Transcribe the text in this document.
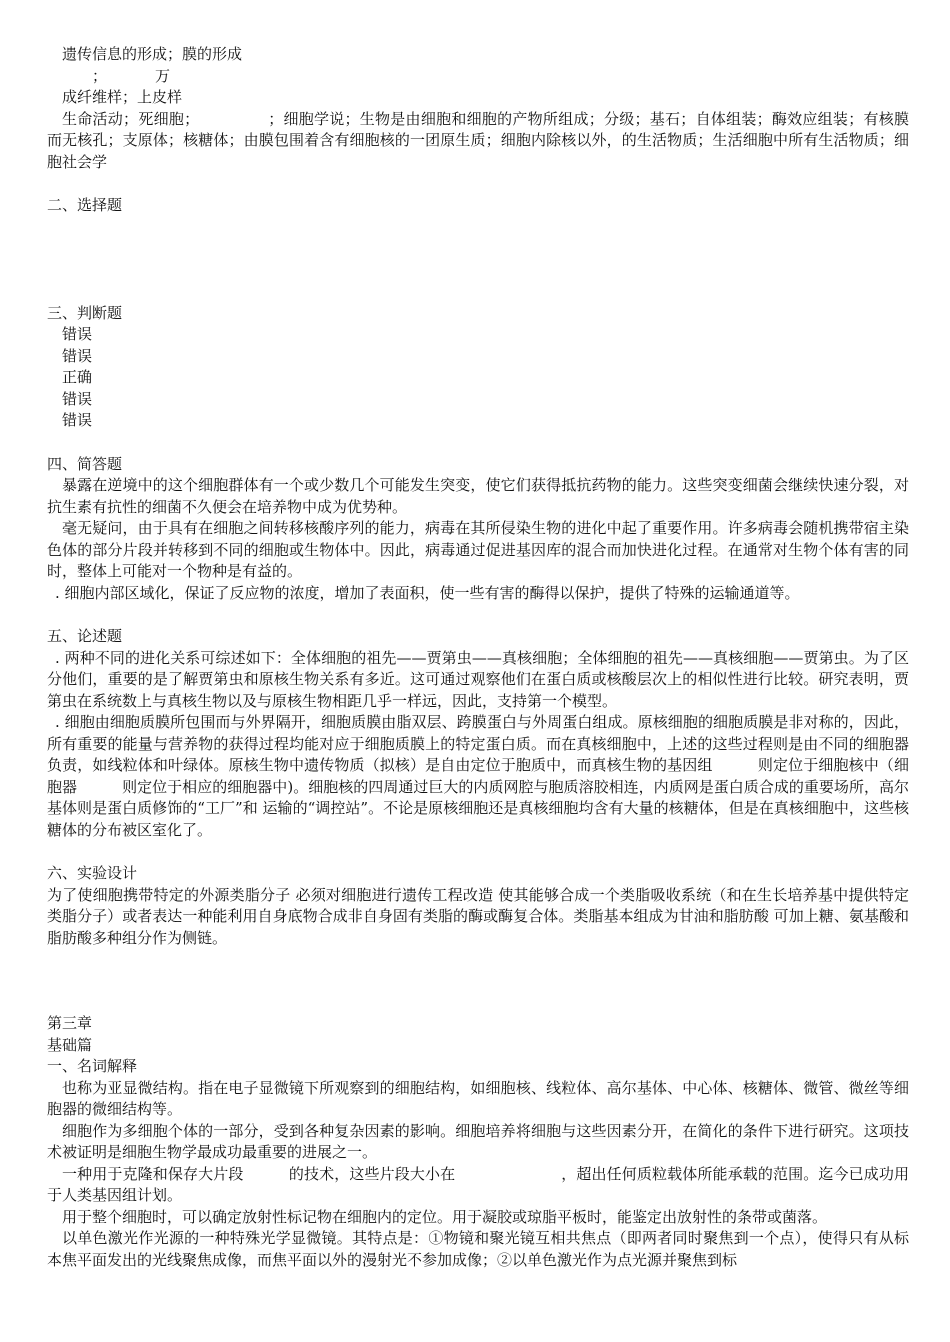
遗传信息的形成；膜的形成

；	万

成纤维样；上皮样

生命活动；死细胞；　　　　　；细胞学说；生物是由细胞和细胞的产物所组成；分级；基石；自体组装；酶效应组装；有核膜而无核孔；支原体；核糖体；由膜包围着含有细胞核的一团原生质；细胞内除核以外，的生活物质；生活细胞中所有生活物质；细胞社会学

二、选择题

三、判断题

错误

错误

正确

错误

错误

四、简答题

暴露在逆境中的这个细胞群体有一个或少数几个可能发生突变，使它们获得抵抗药物的能力。这些突变细菌会继续快速分裂，对抗生素有抗性的细菌不久便会在培养物中成为优势种。

毫无疑问，由于具有在细胞之间转移核酸序列的能力，病毒在其所侵染生物的进化中起了重要作用。许多病毒会随机携带宿主染色体的部分片段并转移到不同的细胞或生物体中。因此，病毒通过促进基因库的混合而加快进化过程。在通常对生物个体有害的同时，整体上可能对一个物种是有益的。

. 细胞内部区域化，保证了反应物的浓度，增加了表面积，使一些有害的酶得以保护，提供了特殊的运输通道等。

五、论述题

. 两种不同的进化关系可综述如下：全体细胞的祖先——贾第虫——真核细胞；全体细胞的祖先——真核细胞——贾第虫。为了区分他们，重要的是了解贾第虫和原核生物关系有多近。这可通过观察他们在蛋白质或核酸层次上的相似性进行比较。研究表明，贾第虫在系统数上与真核生物以及与原核生物相距几乎一样远，因此，支持第一个模型。

. 细胞由细胞质膜所包围而与外界隔开，细胞质膜由脂双层、跨膜蛋白与外周蛋白组成。原核细胞的细胞质膜是非对称的，因此，所有重要的能量与营养物的获得过程均能对应于细胞质膜上的特定蛋白质。而在真核细胞中，上述的这些过程则是由不同的细胞器负责，如线粒体和叶绿体。原核生物中遗传物质（拟核）是自由定位于胞质中，而真核生物的基因组　　　则定位于细胞核中（细胞器　　　则定位于相应的细胞器中)。细胞核的四周通过巨大的内质网腔与胞质溶胶相连，内质网是蛋白质合成的重要场所，高尔基体则是蛋白质修饰的“工厂”和 运输的“调控站”。不论是原核细胞还是真核细胞均含有大量的核糖体，但是在真核细胞中，这些核糖体的分布被区室化了。

六、实验设计

为了使细胞携带特定的外源类脂分子 必须对细胞进行遗传工程改造 使其能够合成一个类脂吸收系统（和在生长培养基中提供特定类脂分子）或者表达一种能利用自身底物合成非自身固有类脂的酶或酶复合体。类脂基本组成为甘油和脂肪酸 可加上糖、氨基酸和脂肪酸多种组分作为侧链。

第三章

基础篇

一、名词解释

也称为亚显微结构。指在电子显微镜下所观察到的细胞结构，如细胞核、线粒体、高尔基体、中心体、核糖体、微管、微丝等细胞器的微细结构等。

细胞作为多细胞个体的一部分，受到各种复杂因素的影响。细胞培养将细胞与这些因素分开，在简化的条件下进行研究。这项技术被证明是细胞生物学最成功最重要的进展之一。

一种用于克隆和保存大片段　　　的技术，这些片段大小在　　　　　　　，超出任何质粒载体所能承载的范围。迄今已成功用于人类基因组计划。

用于整个细胞时，可以确定放射性标记物在细胞内的定位。用于凝胶或琼脂平板时，能鉴定出放射性的条带或菌落。

以单色激光作光源的一种特殊光学显微镜。其特点是：①物镜和聚光镜互相共焦点（即两者同时聚焦到一个点），使得只有从标本焦平面发出的光线聚焦成像，而焦平面以外的漫射光不参加成像；②以单色激光作为点光源并聚焦到标
